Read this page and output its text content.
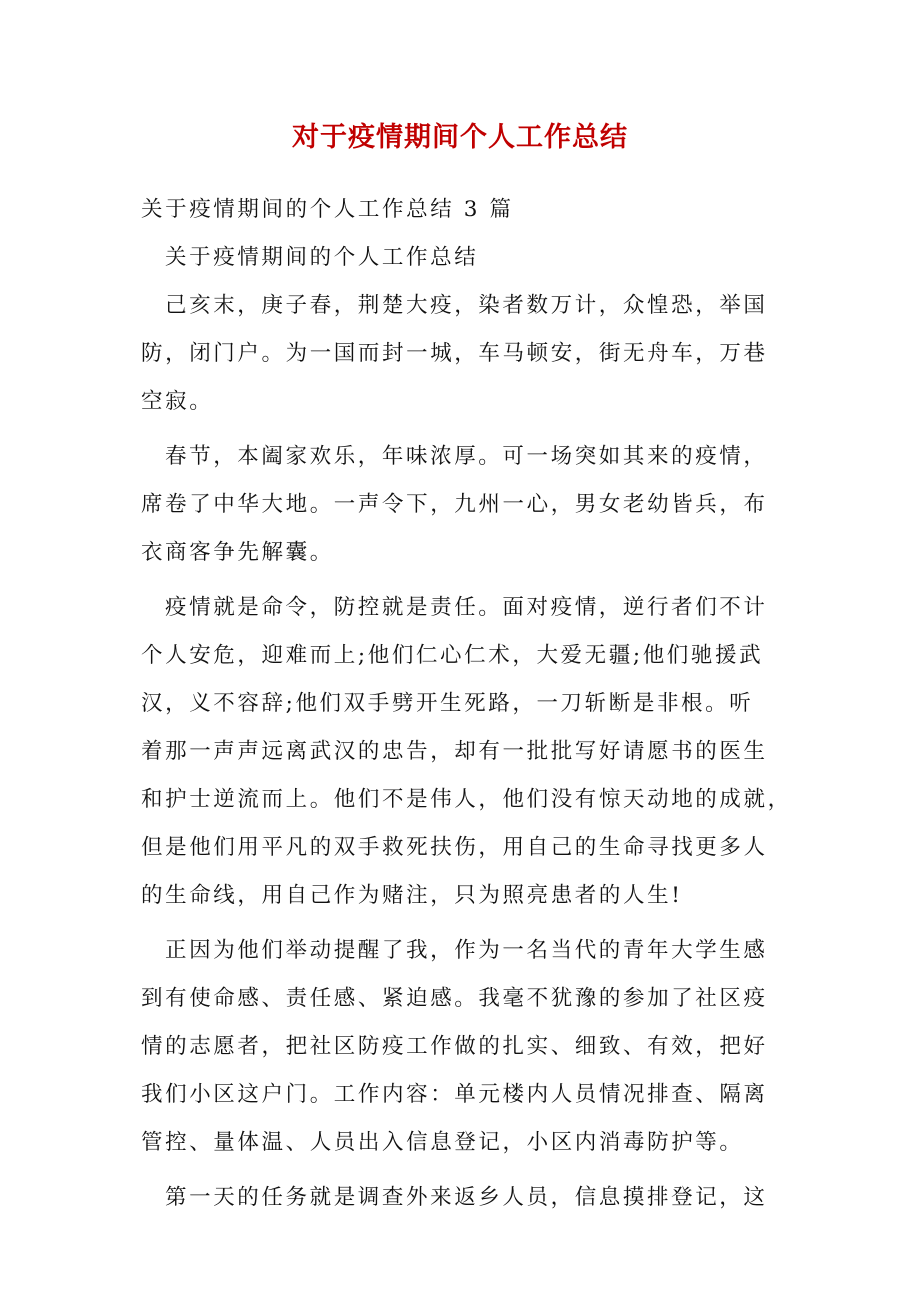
对于疫情期间个人工作总结
关于疫情期间的个人工作总结 3 篇
关于疫情期间的个人工作总结
己亥末，庚子春，荆楚大疫，染者数万计，众惶恐，举国
防，闭门户。为一国而封一城，车马顿安，街无舟车，万巷
空寂。
春节，本阖家欢乐，年味浓厚。可一场突如其来的疫情，
席卷了中华大地。一声令下，九州一心，男女老幼皆兵，布
衣商客争先解囊。
疫情就是命令，防控就是责任。面对疫情，逆行者们不计
个人安危，迎难而上;他们仁心仁术，大爱无疆;他们驰援武
汉，义不容辞;他们双手劈开生死路，一刀斩断是非根。听
着那一声声远离武汉的忠告，却有一批批写好请愿书的医生
和护士逆流而上。他们不是伟人，他们没有惊天动地的成就，
但是他们用平凡的双手救死扶伤，用自己的生命寻找更多人
的生命线，用自己作为赌注，只为照亮患者的人生!
正因为他们举动提醒了我，作为一名当代的青年大学生感
到有使命感、责任感、紧迫感。我毫不犹豫的参加了社区疫
情的志愿者，把社区防疫工作做的扎实、细致、有效，把好
我们小区这户门。工作内容：单元楼内人员情况排查、隔离
管控、量体温、人员出入信息登记，小区内消毒防护等。
第一天的任务就是调查外来返乡人员，信息摸排登记，这
